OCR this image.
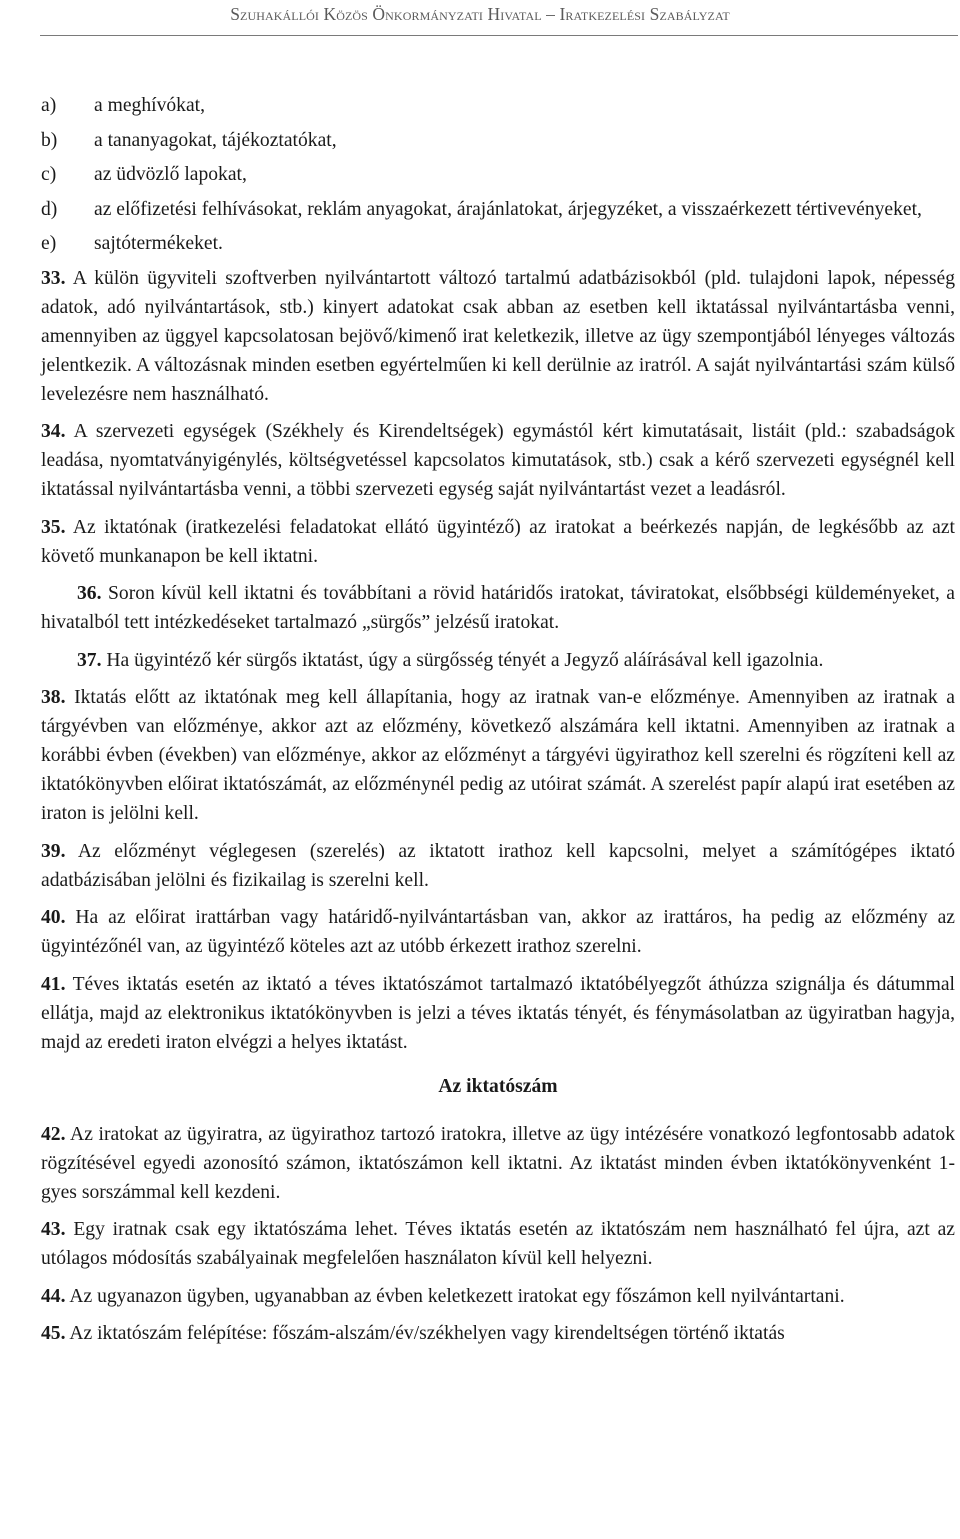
Szuhakállói Közös Önkormányzati Hivatal – Iratkezelési Szabályzat
a) a meghívókat,
b) a tananyagokat, tájékoztatókat,
c) az üdvözlő lapokat,
d) az előfizetési felhívásokat, reklám anyagokat, árajánlatokat, árjegyzéket, a visszaérkezett tértivevényeket,
e) sajtótermékeket.

33. A külön ügyviteli szoftverben nyilvántartott változó tartalmú adatbázisokból (pld. tulajdoni lapok, népesség adatok, adó nyilvántartások, stb.) kinyert adatokat csak abban az esetben kell iktatással nyilvántartásba venni, amennyiben az üggyel kapcsolatosan bejövő/kimenő irat keletkezik, illetve az ügy szempontjából lényeges változás jelentkezik. A változásnak minden esetben egyértelműen ki kell derülnie az iratról. A saját nyilvántartási szám külső levelezésre nem használható.

34. A szervezeti egységek (Székhely és Kirendeltségek) egymástól kért kimutatásait, listáit (pld.: szabadságok leadása, nyomtatványigénylés, költségvetéssel kapcsolatos kimutatások, stb.) csak a kérő szervezeti egységnél kell iktatással nyilvántartásba venni, a többi szervezeti egység saját nyilvántartást vezet a leadásról.

35. Az iktatónak (iratkezelési feladatokat ellátó ügyintéző) az iratokat a beérkezés napján, de legkésőbb az azt követő munkanapon be kell iktatni.

36. Soron kívül kell iktatni és továbbítani a rövid határidős iratokat, táviratokat, elsőbbségi küldeményeket, a hivatalból tett intézkedéseket tartalmazó „sürgős” jelzésű iratokat.

37. Ha ügyintéző kér sürgős iktatást, úgy a sürgősség tényét a Jegyző aláírásával kell igazolnia.

38. Iktatás előtt az iktatónak meg kell állapítania, hogy az iratnak van-e előzménye. Amennyiben az iratnak a tárgyévben van előzménye, akkor azt az előzmény, következő alszámára kell iktatni. Amennyiben az iratnak a korábbi évben (években) van előzménye, akkor az előzményt a tárgyévi ügyirathoz kell szerelni és rögzíteni kell az iktatókönyvben előirat iktatószámát, az előzménynél pedig az utóirat számát. A szerelést papír alapú irat esetében az iraton is jelölni kell.

39. Az előzményt véglegesen (szerelés) az iktatott irathoz kell kapcsolni, melyet a számítógépes iktató adatbázisában jelölni és fizikailag is szerelni kell.

40. Ha az előirat irattárban vagy határidő-nyilvántartásban van, akkor az irattáros, ha pedig az előzmény az ügyintézőnél van, az ügyintéző köteles azt az utóbb érkezett irathoz szerelni.

41. Téves iktatás esetén az iktató a téves iktatószámot tartalmazó iktatóbélyegzőt áthúzza szignálja és dátummal ellátja, majd az elektronikus iktatókönyvben is jelzi a téves iktatás tényét, és fénymásolatban az ügyiratban hagyja, majd az eredeti iraton elvégzi a helyes iktatást.

Az iktatószám

42. Az iratokat az ügyiratra, az ügyirathoz tartozó iratokra, illetve az ügy intézésére vonatkozó legfontosabb adatok rögzítésével egyedi azonosító számon, iktatószámon kell iktatni. Az iktatást minden évben iktatókönyvenként 1-gyes sorszámmal kell kezdeni.

43. Egy iratnak csak egy iktatószáma lehet. Téves iktatás esetén az iktatószám nem használható fel újra, azt az utólagos módosítás szabályainak megfelelően használaton kívül kell helyezni.

44. Az ugyanazon ügyben, ugyanabban az évben keletkezett iratokat egy főszámon kell nyilvántartani.

45. Az iktatószám felépítése: főszám-alszám/év/székhelyen vagy kirendeltségen történő iktatás
